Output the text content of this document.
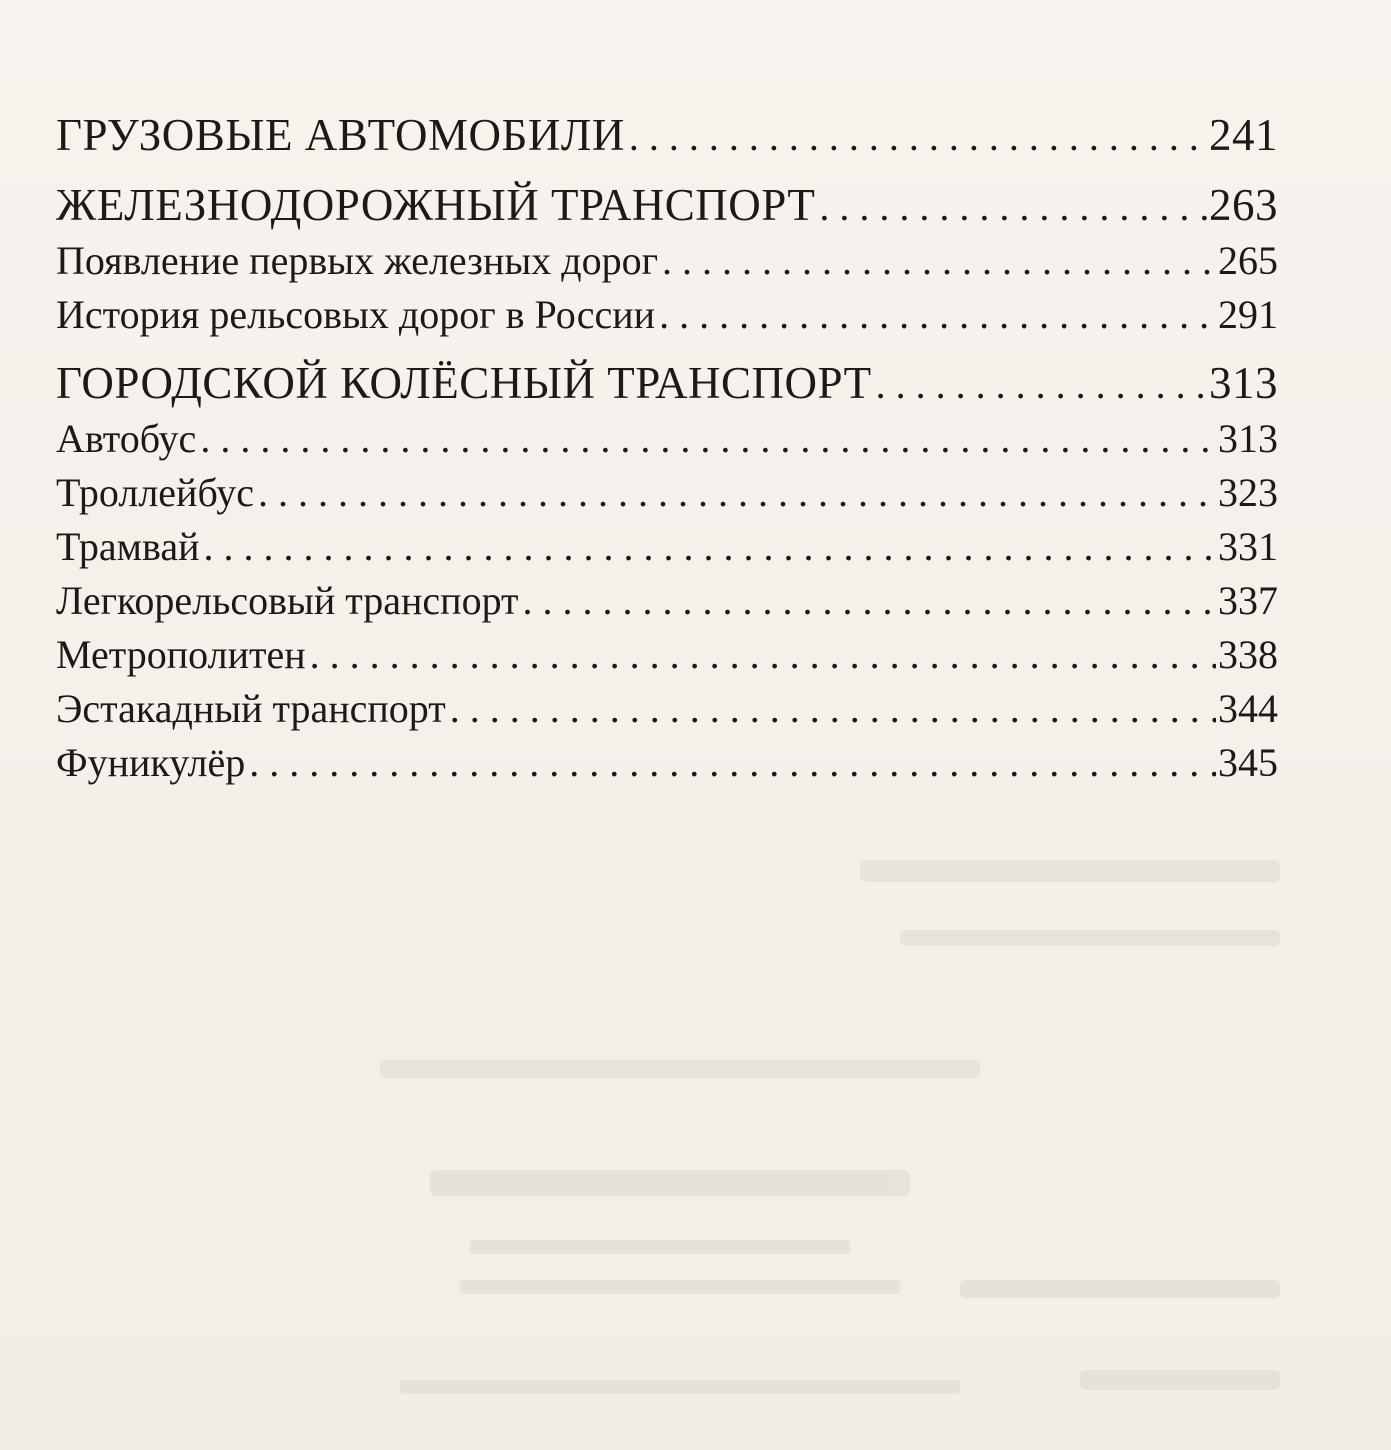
ГРУЗОВЫЕ АВТОМОБИЛИ . . .	241
ЖЕЛЕЗНОДОРОЖНЫЙ ТРАНСПОРТ . . .	263
Появление первых железных дорог . . .	265
История рельсовых дорог в России . . .	291
ГОРОДСКОЙ КОЛЁСНЫЙ ТРАНСПОРТ . . .	313
Автобус . . .	313
Троллейбус . . .	323
Трамвай . . .	331
Легкорельсовый транспорт . . .	337
Метрополитен . . .	338
Эстакадный транспорт . . .	344
Фуникулёр . . .	345
